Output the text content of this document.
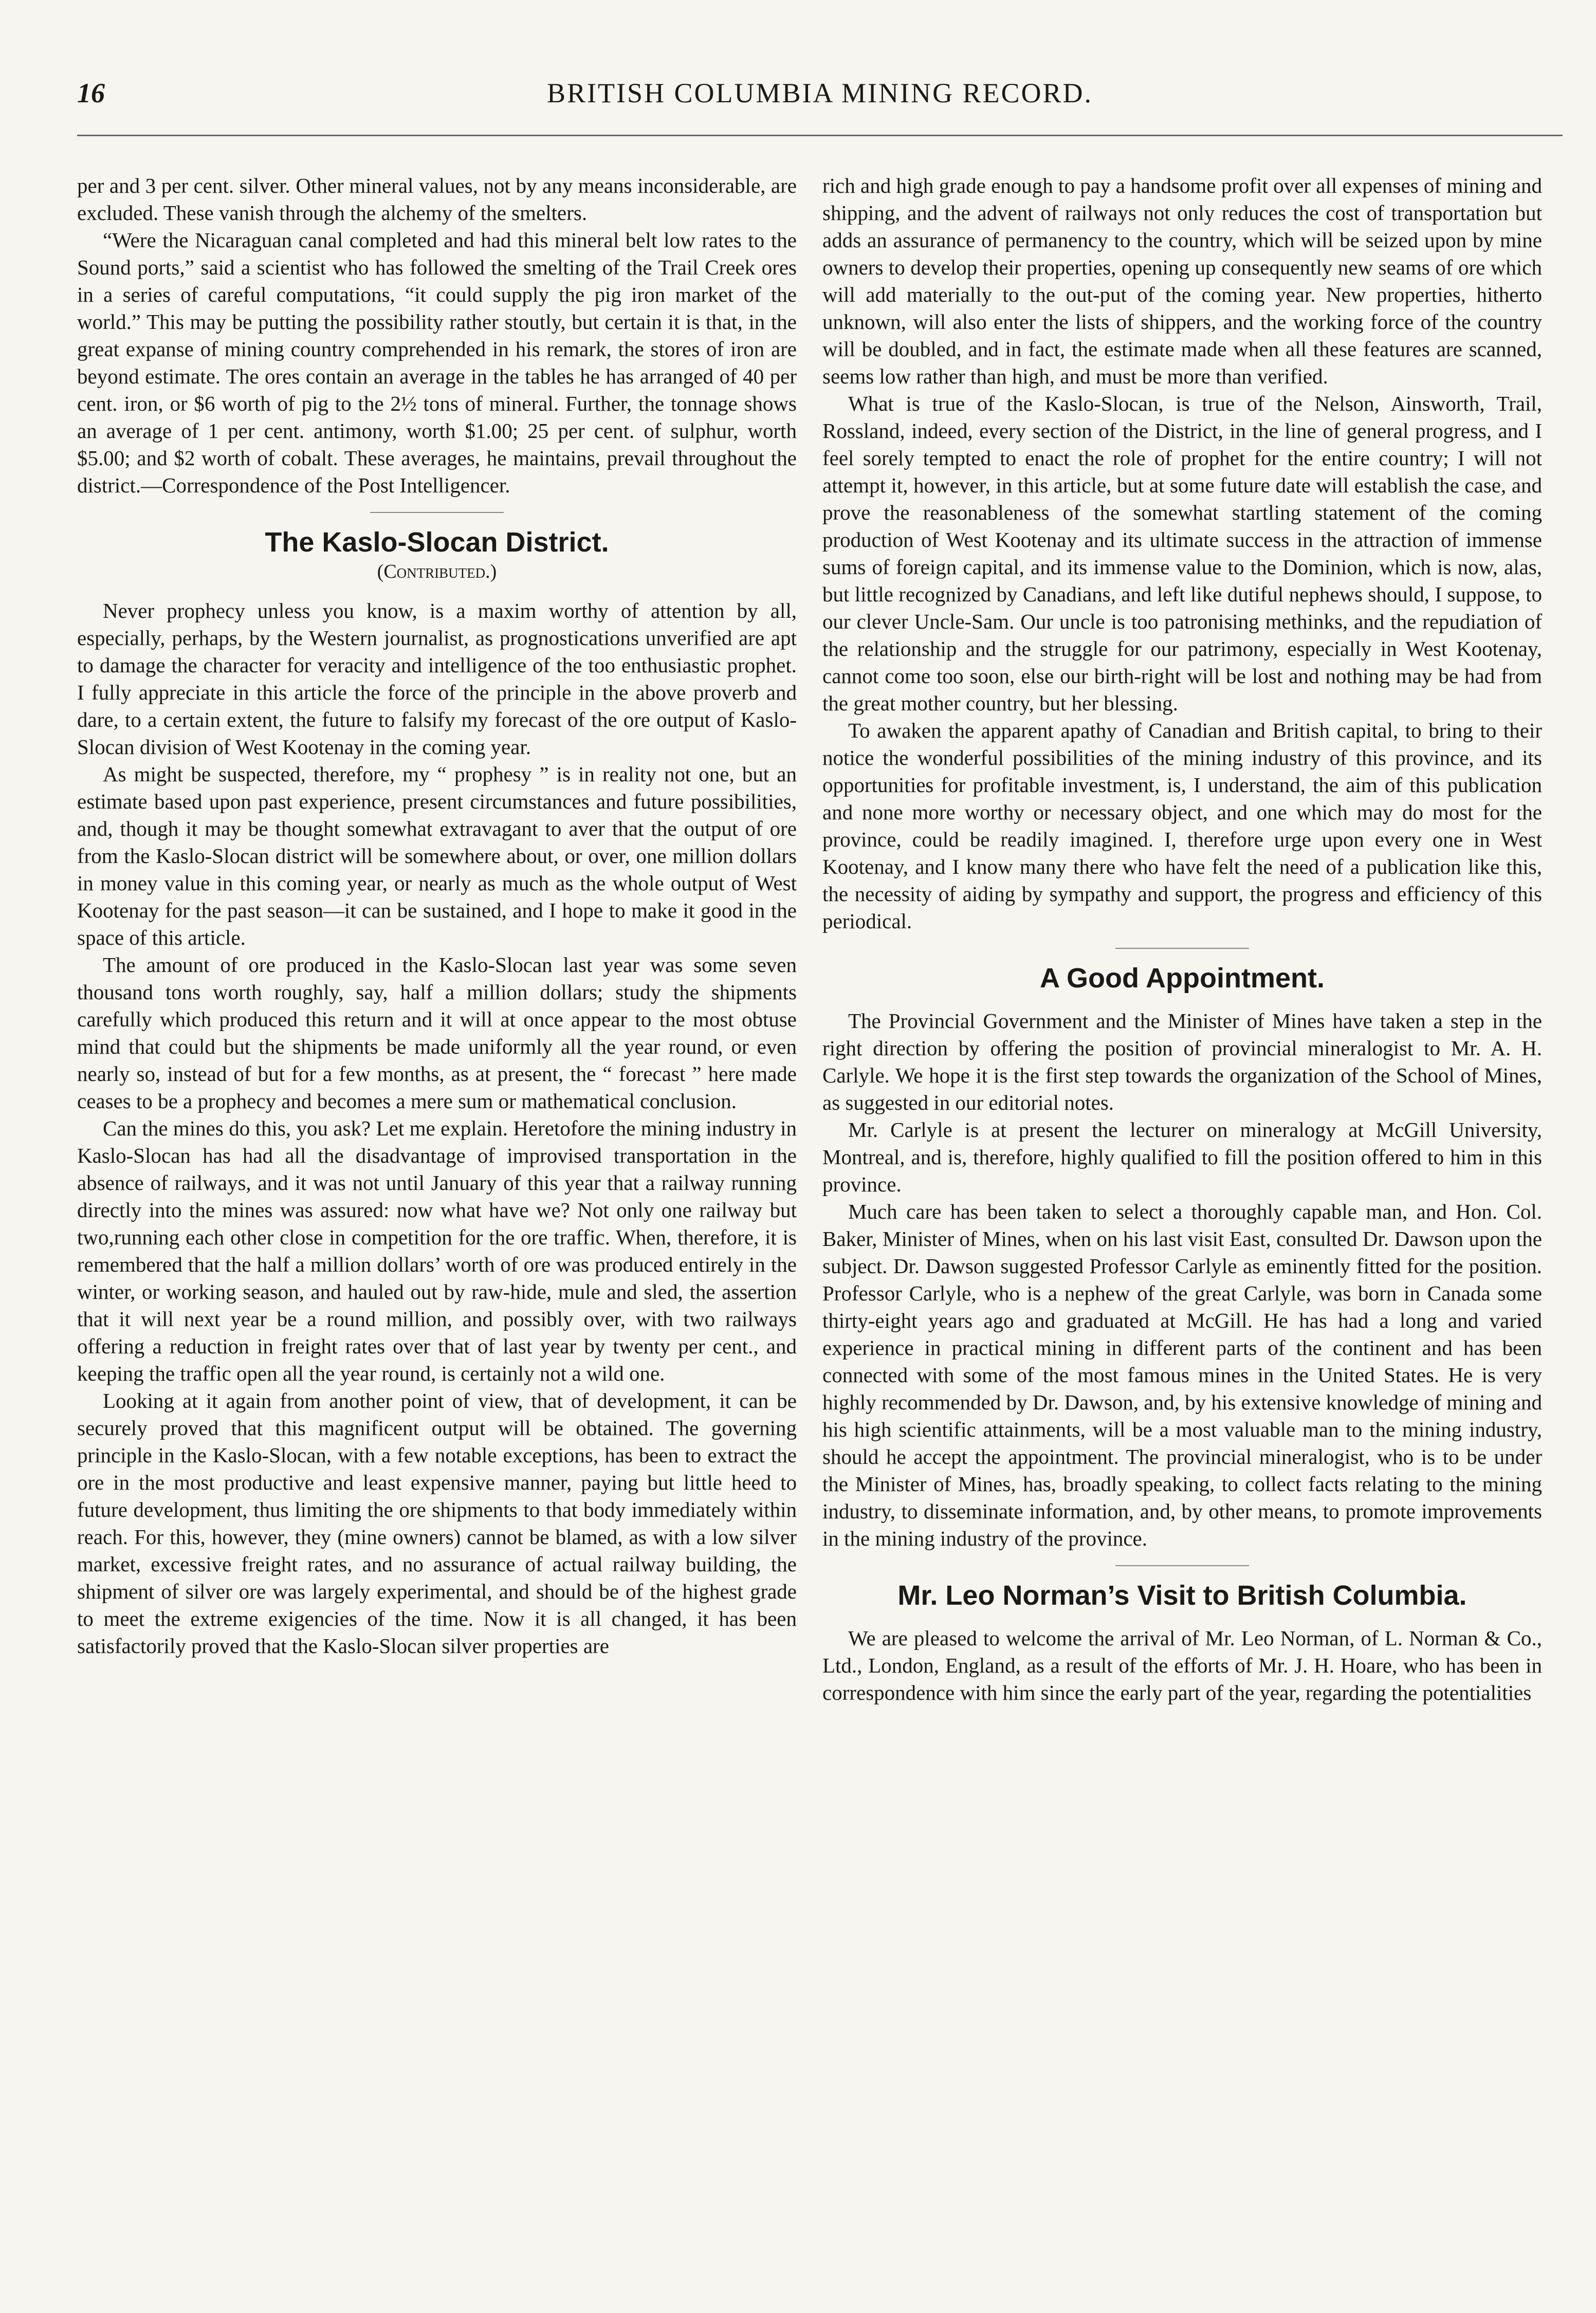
16	BRITISH COLUMBIA MINING RECORD.

per and 3 per cent. silver. Other mineral values, not by any means inconsiderable, are excluded. These vanish through the alchemy of the smelters.

“Were the Nicaraguan canal completed and had this mineral belt low rates to the Sound ports,” said a scientist who has followed the smelting of the Trail Creek ores in a series of careful computations, “it could supply the pig iron market of the world.” This may be putting the possibility rather stoutly, but certain it is that, in the great expanse of mining country comprehended in his remark, the stores of iron are beyond estimate. The ores contain an average in the tables he has arranged of 40 per cent. iron, or $6 worth of pig to the 2½ tons of mineral. Further, the tonnage shows an average of 1 per cent. antimony, worth $1.00; 25 per cent. of sulphur, worth $5.00; and $2 worth of cobalt. These averages, he maintains, prevail throughout the district.—Correspondence of the Post Intelligencer.

The Kaslo-Slocan District.
(Contributed.)

Never prophecy unless you know, is a maxim worthy of attention by all, especially, perhaps, by the Western journalist, as prognostications unverified are apt to damage the character for veracity and intelligence of the too enthusiastic prophet. I fully appreciate in this article the force of the principle in the above proverb and dare, to a certain extent, the future to falsify my forecast of the ore output of Kaslo-Slocan division of West Kootenay in the coming year.

As might be suspected, therefore, my “ prophesy ” is in reality not one, but an estimate based upon past experience, present circumstances and future possibilities, and, though it may be thought somewhat extravagant to aver that the output of ore from the Kaslo-Slocan district will be somewhere about, or over, one million dollars in money value in this coming year, or nearly as much as the whole output of West Kootenay for the past season—it can be sustained, and I hope to make it good in the space of this article.

The amount of ore produced in the Kaslo-Slocan last year was some seven thousand tons worth roughly, say, half a million dollars; study the shipments carefully which produced this return and it will at once appear to the most obtuse mind that could but the shipments be made uniformly all the year round, or even nearly so, instead of but for a few months, as at present, the “ forecast ” here made ceases to be a prophecy and becomes a mere sum or mathematical conclusion.

Can the mines do this, you ask? Let me explain. Heretofore the mining industry in Kaslo-Slocan has had all the disadvantage of improvised transportation in the absence of railways, and it was not until January of this year that a railway running directly into the mines was assured: now what have we? Not only one railway but two,running each other close in competition for the ore traffic. When, therefore, it is remembered that the half a million dollars’ worth of ore was produced entirely in the winter, or working season, and hauled out by raw-hide, mule and sled, the assertion that it will next year be a round million, and possibly over, with two railways offering a reduction in freight rates over that of last year by twenty per cent., and keeping the traffic open all the year round, is certainly not a wild one.

Looking at it again from another point of view, that of development, it can be securely proved that this magnificent output will be obtained. The governing principle in the Kaslo-Slocan, with a few notable exceptions, has been to extract the ore in the most productive and least expensive manner, paying but little heed to future development, thus limiting the ore shipments to that body immediately within reach. For this, however, they (mine owners) cannot be blamed, as with a low silver market, excessive freight rates, and no assurance of actual railway building, the shipment of silver ore was largely experimental, and should be of the highest grade to meet the extreme exigencies of the time. Now it is all changed, it has been satisfactorily proved that the Kaslo-Slocan silver properties are

rich and high grade enough to pay a handsome profit over all expenses of mining and shipping, and the advent of railways not only reduces the cost of transportation but adds an assurance of permanency to the country, which will be seized upon by mine owners to develop their properties, opening up consequently new seams of ore which will add materially to the out-put of the coming year. New properties, hitherto unknown, will also enter the lists of shippers, and the working force of the country will be doubled, and in fact, the estimate made when all these features are scanned, seems low rather than high, and must be more than verified.

What is true of the Kaslo-Slocan, is true of the Nelson, Ainsworth, Trail, Rossland, indeed, every section of the District, in the line of general progress, and I feel sorely tempted to enact the role of prophet for the entire country; I will not attempt it, however, in this article, but at some future date will establish the case, and prove the reasonableness of the somewhat startling statement of the coming production of West Kootenay and its ultimate success in the attraction of immense sums of foreign capital, and its immense value to the Dominion, which is now, alas, but little recognized by Canadians, and left like dutiful nephews should, I suppose, to our clever Uncle-Sam. Our uncle is too patronising methinks, and the repudiation of the relationship and the struggle for our patrimony, especially in West Kootenay, cannot come too soon, else our birth-right will be lost and nothing may be had from the great mother country, but her blessing.

To awaken the apparent apathy of Canadian and British capital, to bring to their notice the wonderful possibilities of the mining industry of this province, and its opportunities for profitable investment, is, I understand, the aim of this publication and none more worthy or necessary object, and one which may do most for the province, could be readily imagined. I, therefore urge upon every one in West Kootenay, and I know many there who have felt the need of a publication like this, the necessity of aiding by sympathy and support, the progress and efficiency of this periodical.

A Good Appointment.

The Provincial Government and the Minister of Mines have taken a step in the right direction by offering the position of provincial mineralogist to Mr. A. H. Carlyle. We hope it is the first step towards the organization of the School of Mines, as suggested in our editorial notes.

Mr. Carlyle is at present the lecturer on mineralogy at McGill University, Montreal, and is, therefore, highly qualified to fill the position offered to him in this province.

Much care has been taken to select a thoroughly capable man, and Hon. Col. Baker, Minister of Mines, when on his last visit East, consulted Dr. Dawson upon the subject. Dr. Dawson suggested Professor Carlyle as eminently fitted for the position. Professor Carlyle, who is a nephew of the great Carlyle, was born in Canada some thirty-eight years ago and graduated at McGill. He has had a long and varied experience in practical mining in different parts of the continent and has been connected with some of the most famous mines in the United States. He is very highly recommended by Dr. Dawson, and, by his extensive knowledge of mining and his high scientific attainments, will be a most valuable man to the mining industry, should he accept the appointment. The provincial mineralogist, who is to be under the Minister of Mines, has, broadly speaking, to collect facts relating to the mining industry, to disseminate information, and, by other means, to promote improvements in the mining industry of the province.

Mr. Leo Norman’s Visit to British Columbia.

We are pleased to welcome the arrival of Mr. Leo Norman, of L. Norman & Co., Ltd., London, England, as a result of the efforts of Mr. J. H. Hoare, who has been in correspondence with him since the early part of the year, regarding the potentialities
